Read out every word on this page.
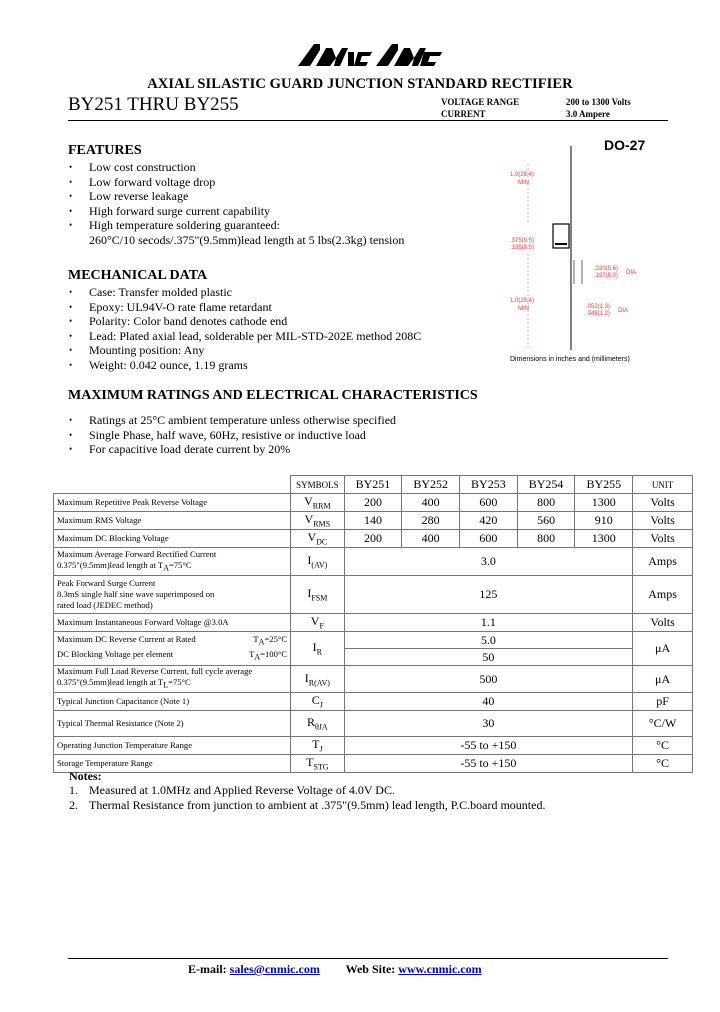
AXIAL SILASTIC GUARD JUNCTION STANDARD RECTIFIER
BY251 THRU BY255	VOLTAGE RANGE	200 to 1300 Volts
CURRENT	3.0 Ampere
FEATURES
• Low cost construction
• Low forward voltage drop
• Low reverse leakage
• High forward surge current capability
• High temperature soldering guaranteed:
260°C/10 secods/.375"(9.5mm)lead length at 5 lbs(2.3kg) tension
MECHANICAL DATA
• Case: Transfer molded plastic
• Epoxy: UL94V-O rate flame retardant
• Polarity: Color band denotes cathode end
• Lead: Plated axial lead, solderable per MIL-STD-202E method 208C
• Mounting position: Any
• Weight: 0.042 ounce, 1.19 grams
DO-27
1.0(25.4)
MIN
.375(9.5)
.335(8.5)
1.0(25.4)
MIN
.220(5.6)
.197(5.0) DIA
.052(1.3)
.048(1.2) DIA
Dimensions in inches and (millimeters)
MAXIMUM RATINGS AND ELECTRICAL CHARACTERISTICS
• Ratings at 25°C ambient temperature unless otherwise specified
• Single Phase, half wave, 60Hz, resistive or inductive load
• For capacitive load derate current by 20%
	SYMBOLS	BY251	BY252	BY253	BY254	BY255	UNIT
Maximum Repetitive Peak Reverse Voltage	$V_{RRM}$	200	400	600	800	1300	Volts
Maximum RMS Voltage	$V_{RMS}$	140	280	420	560	910	Volts
Maximum DC Blocking Voltage	$V_{DC}$	200	400	600	800	1300	Volts

Maximum Average Forward Rectified Current
0.375"(9.5mm)lead length at $T_A=75^\circ C$	$I_{(AV)}$	3.0					Amps

Peak Forward Surge Current
8.3mS single half sine wave superimposed on
rated load (JEDEC method)	$I_{FSM}$	125					Amps
Maximum Instantaneous Forward Voltage @3.0A	$V_F$	1.1					Volts

Maximum DC Reverse Current at Rated $T_A=25^\circ C$
DC Blocking Voltage per element $T_A=100^\circ C$	$I_R$	5.0					μA
		50					

Maximum Full Load Reverse Current, full cycle average
0.375"(9.5mm)lead length at $T_L=75^\circ C$	$I_{R(AV)}$	500					μA
Typical Junction Capacitance (Note 1)	$C_J$	40					pF
Typical Thermal Resistance (Note 2)	$R_{\theta JA}$	30					°C/W
Operating Junction Temperature Range	$T_J$	-55 to +150					°C
Storage Temperature Range	$T_{STG}$	-55 to +150					°C
Notes:
1. Measured at 1.0MHz and Applied Reverse Voltage of 4.0V DC.
2. Thermal Resistance from junction to ambient at .375"(9.5mm) lead length, P.C.board mounted.
E-mail: sales@cnmic.com Web Site: www.cnmic.com
